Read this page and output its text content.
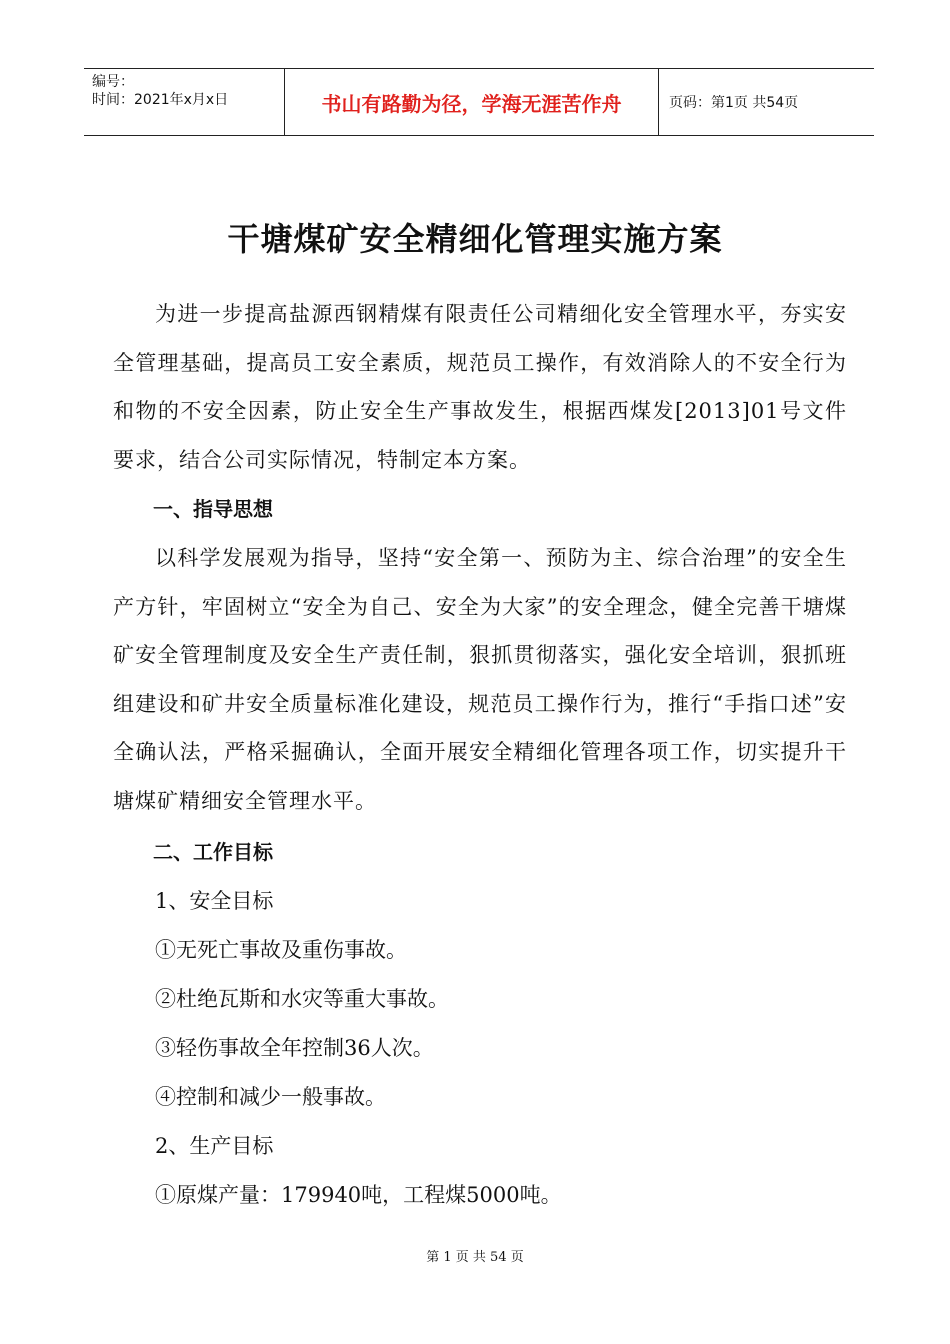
编号：
时间：2021年x月x日	书山有路勤为径，学海无涯苦作舟	页码：第1页 共54页
干塘煤矿安全精细化管理实施方案

为进一步提高盐源西钢精煤有限责任公司精细化安全管理水平，夯实安全管理基础，提高员工安全素质，规范员工操作，有效消除人的不安全行为和物的不安全因素，防止安全生产事故发生，根据西煤发[2013]01号文件要求，结合公司实际情况，特制定本方案。

一、指导思想

以科学发展观为指导，坚持“安全第一、预防为主、综合治理”的安全生产方针，牢固树立“安全为自己、安全为大家”的安全理念，健全完善干塘煤矿安全管理制度及安全生产责任制，狠抓贯彻落实，强化安全培训，狠抓班组建设和矿井安全质量标准化建设，规范员工操作行为，推行“手指口述”安全确认法，严格采掘确认，全面开展安全精细化管理各项工作，切实提升干塘煤矿精细安全管理水平。

二、工作目标

1、安全目标

①无死亡事故及重伤事故。

②杜绝瓦斯和水灾等重大事故。

③轻伤事故全年控制36人次。

④控制和减少一般事故。

2、生产目标

①原煤产量：179940吨，工程煤5000吨。

第 1 页 共 54 页
